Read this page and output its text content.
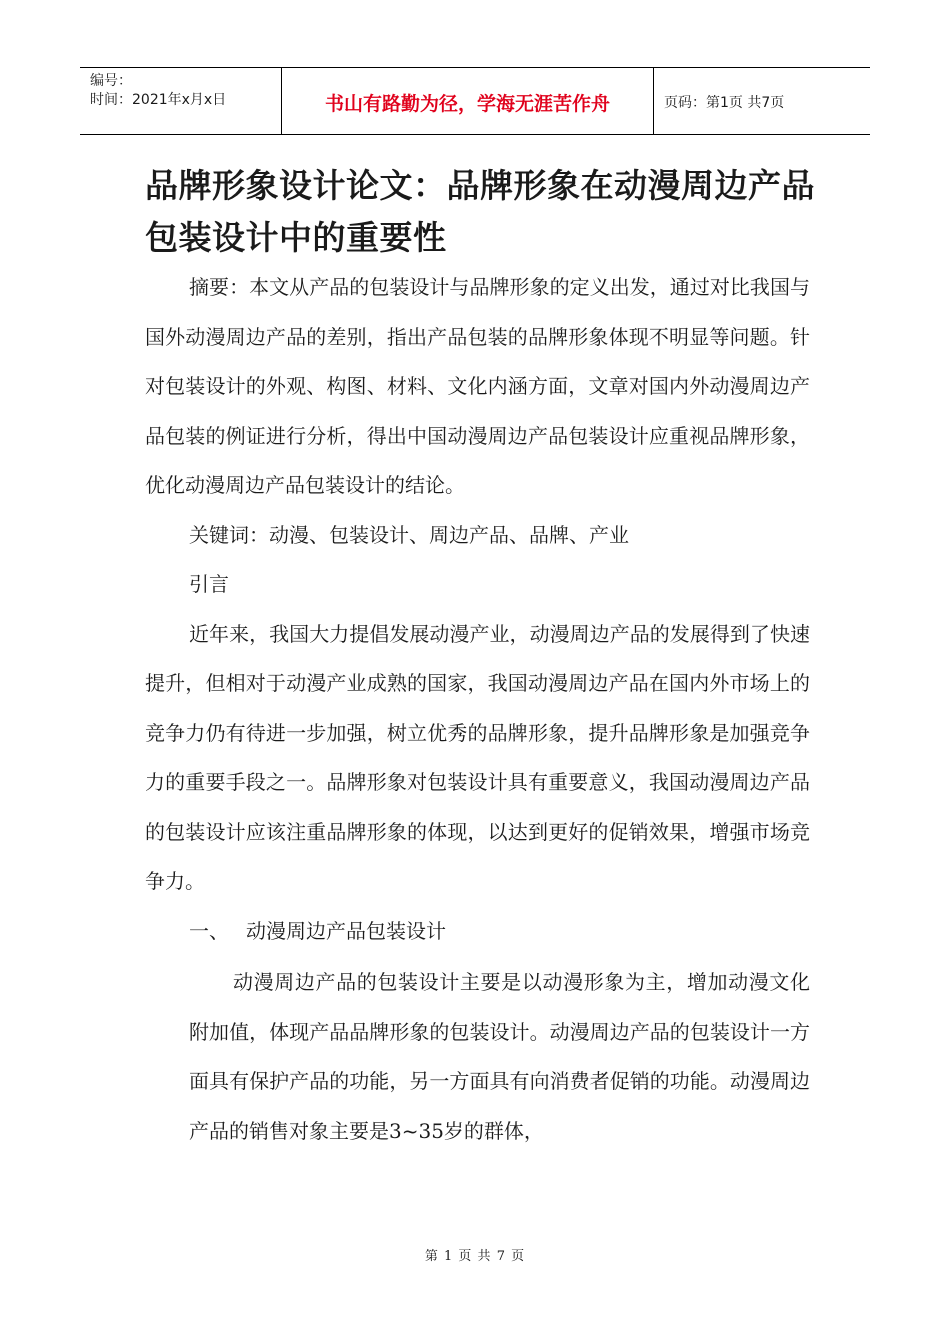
编号：
时间：2021年x月x日	书山有路勤为径，学海无涯苦作舟	页码：第1页 共7页
品牌形象设计论文：品牌形象在动漫周边产品包装设计中的重要性

摘要：本文从产品的包装设计与品牌形象的定义出发，通过对比我国与国外动漫周边产品的差别，指出产品包装的品牌形象体现不明显等问题。针对包装设计的外观、构图、材料、文化内涵方面，文章对国内外动漫周边产品包装的例证进行分析，得出中国动漫周边产品包装设计应重视品牌形象，优化动漫周边产品包装设计的结论。

关键词：动漫、包装设计、周边产品、品牌、产业

引言

近年来，我国大力提倡发展动漫产业，动漫周边产品的发展得到了快速提升，但相对于动漫产业成熟的国家，我国动漫周边产品在国内外市场上的竞争力仍有待进一步加强，树立优秀的品牌形象，提升品牌形象是加强竞争力的重要手段之一。品牌形象对包装设计具有重要意义，我国动漫周边产品的包装设计应该注重品牌形象的体现，以达到更好的促销效果，增强市场竞争力。

一、 动漫周边产品包装设计

动漫周边产品的包装设计主要是以动漫形象为主，增加动漫文化附加值，体现产品品牌形象的包装设计。动漫周边产品的包装设计一方面具有保护产品的功能，另一方面具有向消费者促销的功能。动漫周边产品的销售对象主要是3~35岁的群体，

第 1 页 共 7 页
